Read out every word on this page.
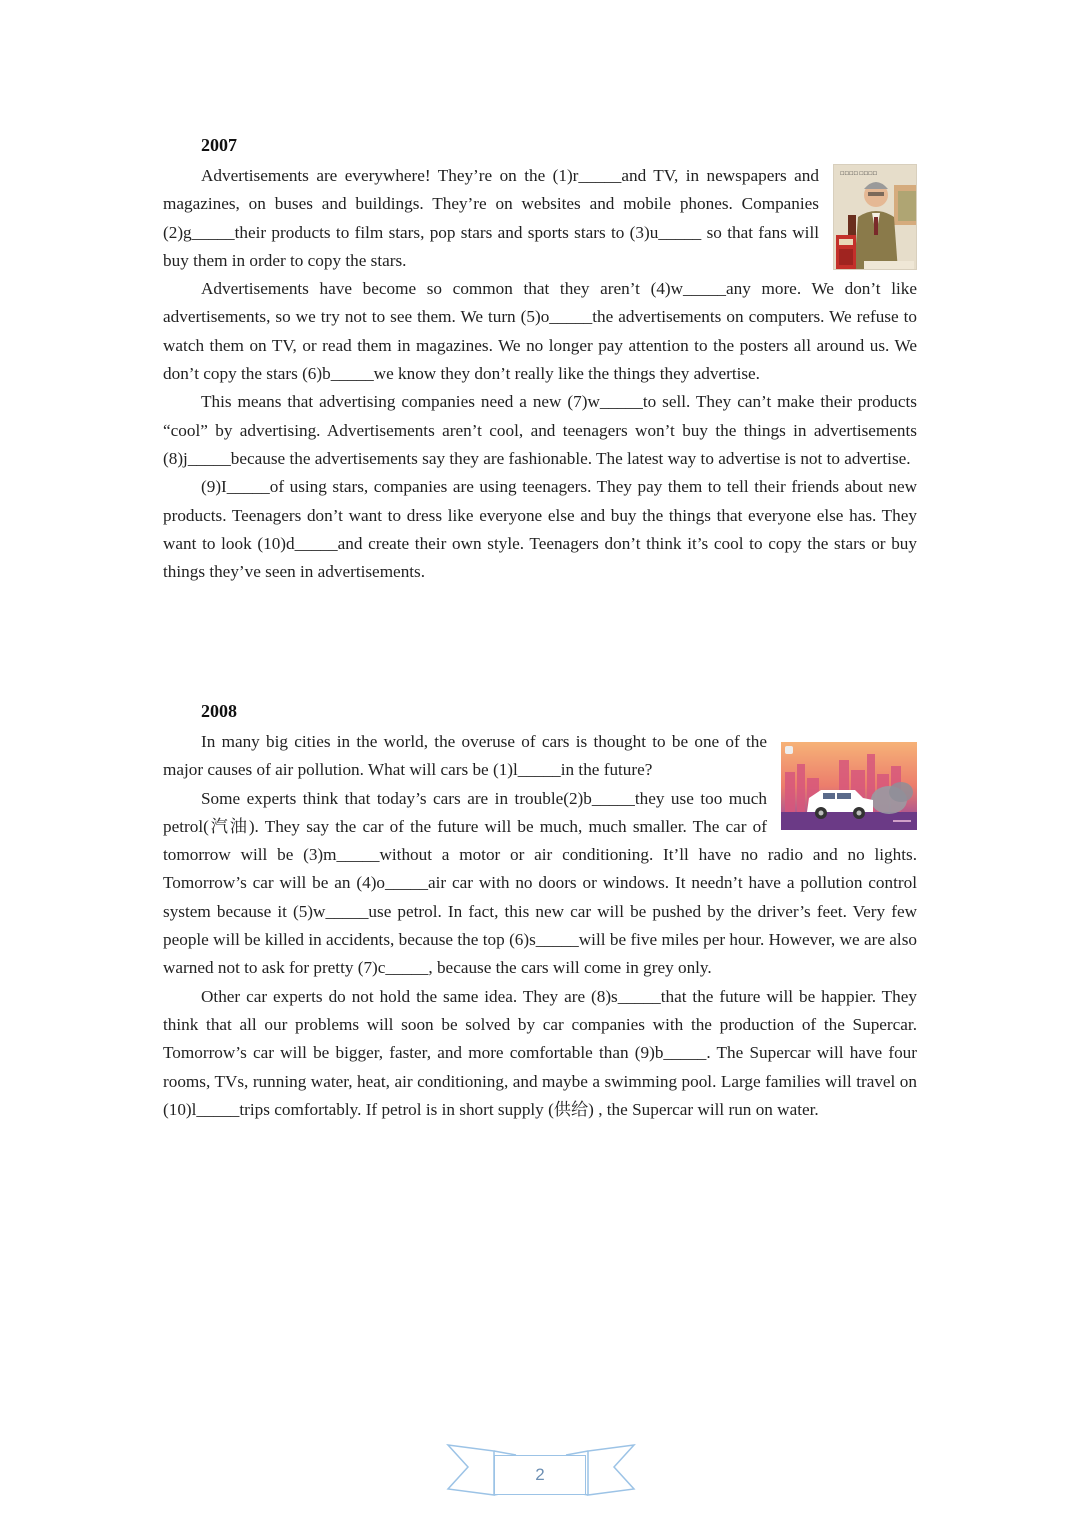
2007
☐☐☐☐ ☐☐☐☐

Advertisements are everywhere! They’re on the (1)r_____and TV, in newspapers and magazines, on buses and buildings. They’re on websites and mobile phones. Companies (2)g_____their products to film stars, pop stars and sports stars to (3)u_____ so that fans will buy them in order to copy the stars.

Advertisements have become so common that they aren’t (4)w_____any more. We don’t like advertisements, so we try not to see them. We turn (5)o_____the advertisements on computers. We refuse to watch them on TV, or read them in magazines. We no longer pay attention to the posters all around us. We don’t copy the stars (6)b_____we know they don’t really like the things they advertise.

This means that advertising companies need a new (7)w_____to sell. They can’t make their products “cool” by advertising. Advertisements aren’t cool, and teenagers won’t buy the things in advertisements (8)j_____because the advertisements say they are fashionable. The latest way to advertise is not to advertise.

(9)I_____of using stars, companies are using teenagers. They pay them to tell their friends about new products. Teenagers don’t want to dress like everyone else and buy the things that everyone else has. They want to look (10)d_____and create their own style. Teenagers don’t think it’s cool to copy the stars or buy things they’ve seen in advertisements.

2008

In many big cities in the world, the overuse of cars is thought to be one of the major causes of air pollution. What will cars be (1)l_____in the future?

Some experts think that today’s cars are in trouble(2)b_____they use too much petrol(汽油). They say the car of the future will be much, much smaller. The car of tomorrow will be (3)m_____without a motor or air conditioning. It’ll have no radio and no lights. Tomorrow’s car will be an (4)o_____air car with no doors or windows. It needn’t have a pollution control system because it (5)w_____use petrol. In fact, this new car will be pushed by the driver’s feet. Very few people will be killed in accidents, because the top (6)s_____will be five miles per hour. However, we are also warned not to ask for pretty (7)c_____, because the cars will come in grey only.

Other car experts do not hold the same idea. They are (8)s_____that the future will be happier. They think that all our problems will soon be solved by car companies with the production of the Supercar. Tomorrow’s car will be bigger, faster, and more comfortable than (9)b_____. The Supercar will have four rooms, TVs, running water, heat, air conditioning, and maybe a swimming pool. Large families will travel on (10)l_____trips comfortably. If petrol is in short supply (供给) , the Supercar will run on water.

2
